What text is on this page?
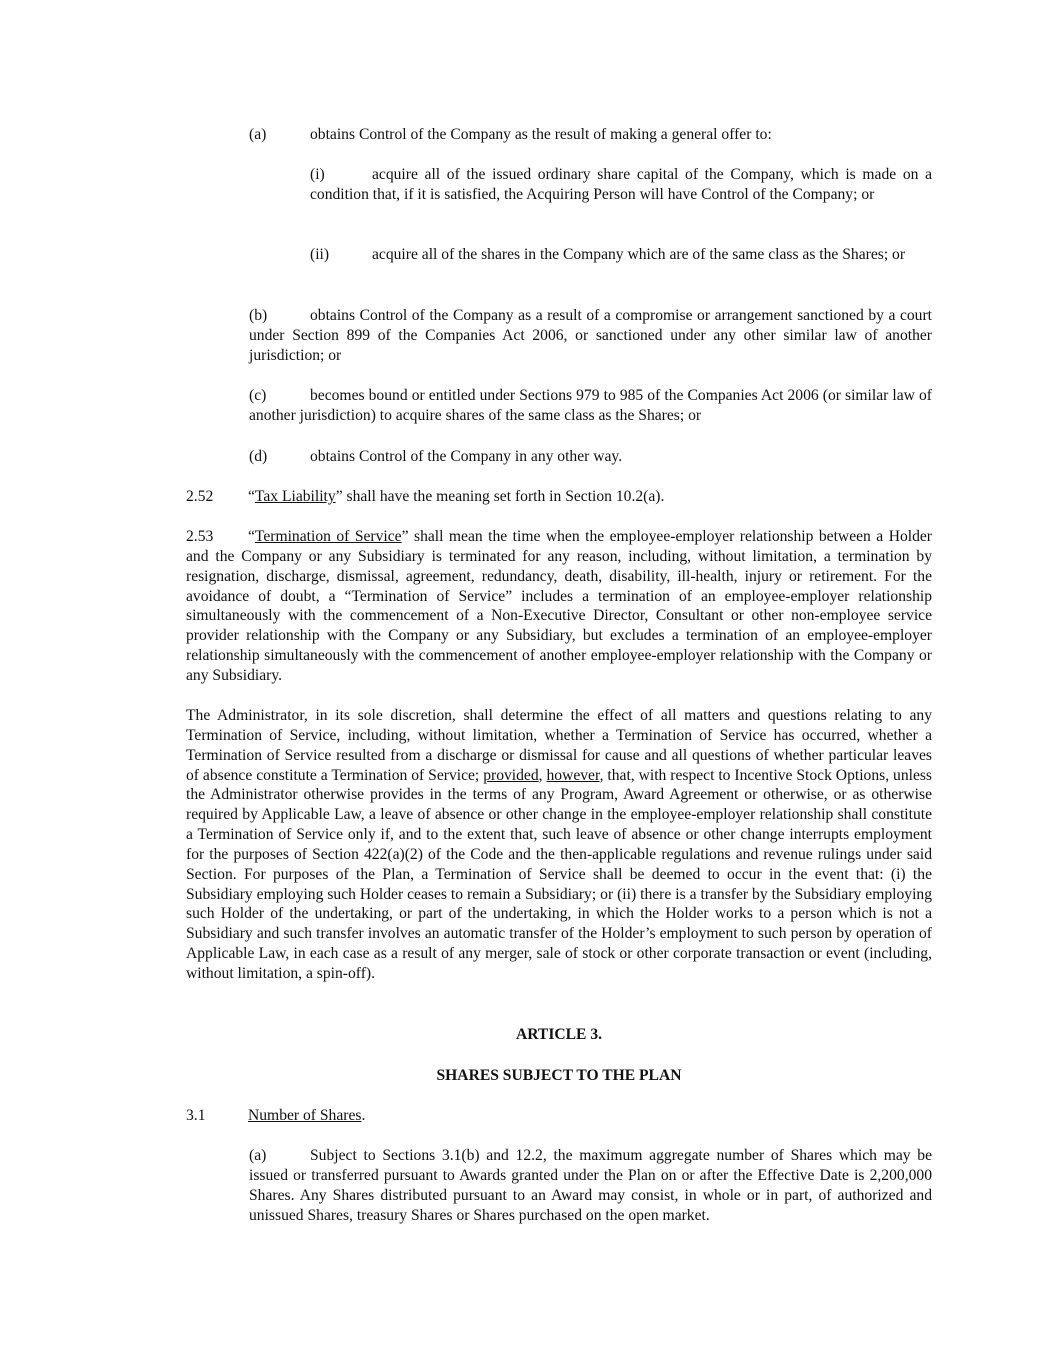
(a)	obtains Control of the Company as the result of making a general offer to:

(i)	acquire all of the issued ordinary share capital of the Company, which is made on a condition that, if it is satisfied, the Acquiring Person will have Control of the Company; or

(ii)	acquire all of the shares in the Company which are of the same class as the Shares; or

(b)	obtains Control of the Company as a result of a compromise or arrangement sanctioned by a court under Section 899 of the Companies Act 2006, or sanctioned under any other similar law of another jurisdiction; or

(c)	becomes bound or entitled under Sections 979 to 985 of the Companies Act 2006 (or similar law of another jurisdiction) to acquire shares of the same class as the Shares; or

(d)	obtains Control of the Company in any other way.

2.52 “Tax Liability” shall have the meaning set forth in Section 10.2(a).

2.53 “Termination of Service” shall mean the time when the employee-employer relationship between a Holder and the Company or any Subsidiary is terminated for any reason, including, without limitation, a termination by resignation, discharge, dismissal, agreement, redundancy, death, disability, ill-health, injury or retirement. For the avoidance of doubt, a “Termination of Service” includes a termination of an employee-employer relationship simultaneously with the commencement of a Non-Executive Director, Consultant or other non-employee service provider relationship with the Company or any Subsidiary, but excludes a termination of an employee-employer relationship simultaneously with the commencement of another employee-employer relationship with the Company or any Subsidiary.

The Administrator, in its sole discretion, shall determine the effect of all matters and questions relating to any Termination of Service, including, without limitation, whether a Termination of Service has occurred, whether a Termination of Service resulted from a discharge or dismissal for cause and all questions of whether particular leaves of absence constitute a Termination of Service; provided, however, that, with respect to Incentive Stock Options, unless the Administrator otherwise provides in the terms of any Program, Award Agreement or otherwise, or as otherwise required by Applicable Law, a leave of absence or other change in the employee-employer relationship shall constitute a Termination of Service only if, and to the extent that, such leave of absence or other change interrupts employment for the purposes of Section 422(a)(2) of the Code and the then-applicable regulations and revenue rulings under said Section. For purposes of the Plan, a Termination of Service shall be deemed to occur in the event that: (i) the Subsidiary employing such Holder ceases to remain a Subsidiary; or (ii) there is a transfer by the Subsidiary employing such Holder of the undertaking, or part of the undertaking, in which the Holder works to a person which is not a Subsidiary and such transfer involves an automatic transfer of the Holder’s employment to such person by operation of Applicable Law, in each case as a result of any merger, sale of stock or other corporate transaction or event (including, without limitation, a spin-off).

ARTICLE 3.

SHARES SUBJECT TO THE PLAN

3.1	Number of Shares.

(a)	Subject to Sections 3.1(b) and 12.2, the maximum aggregate number of Shares which may be issued or transferred pursuant to Awards granted under the Plan on or after the Effective Date is 2,200,000 Shares. Any Shares distributed pursuant to an Award may consist, in whole or in part, of authorized and unissued Shares, treasury Shares or Shares purchased on the open market.
